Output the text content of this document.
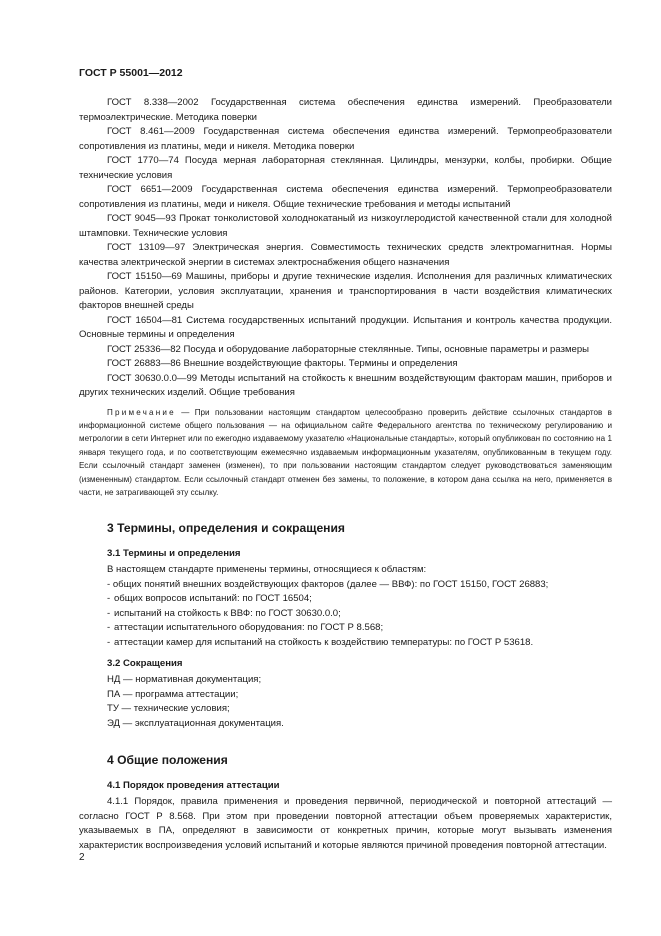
ГОСТ Р 55001—2012

ГОСТ 8.338—2002 Государственная система обеспечения единства измерений. Преобразователи термоэлектрические. Методика поверки

ГОСТ 8.461—2009 Государственная система обеспечения единства измерений. Термопреобразователи сопротивления из платины, меди и никеля. Методика поверки

ГОСТ 1770—74 Посуда мерная лабораторная стеклянная. Цилиндры, мензурки, колбы, пробирки. Общие технические условия

ГОСТ 6651—2009 Государственная система обеспечения единства измерений. Термопреобразователи сопротивления из платины, меди и никеля. Общие технические требования и методы испытаний

ГОСТ 9045—93 Прокат тонколистовой холоднокатаный из низкоуглеродистой качественной стали для холодной штамповки. Технические условия

ГОСТ 13109—97 Электрическая энергия. Совместимость технических средств электромагнитная. Нормы качества электрической энергии в системах электроснабжения общего назначения

ГОСТ 15150—69 Машины, приборы и другие технические изделия. Исполнения для различных климатических районов. Категории, условия эксплуатации, хранения и транспортирования в части воздействия климатических факторов внешней среды

ГОСТ 16504—81 Система государственных испытаний продукции. Испытания и контроль качества продукции. Основные термины и определения

ГОСТ 25336—82 Посуда и оборудование лабораторные стеклянные. Типы, основные параметры и размеры

ГОСТ 26883—86 Внешние воздействующие факторы. Термины и определения

ГОСТ 30630.0.0—99 Методы испытаний на стойкость к внешним воздействующим факторам машин, приборов и других технических изделий. Общие требования

Примечание — При пользовании настоящим стандартом целесообразно проверить действие ссылочных стандартов в информационной системе общего пользования — на официальном сайте Федерального агентства по техническому регулированию и метрологии в сети Интернет или по ежегодно издаваемому указателю «Национальные стандарты», который опубликован по состоянию на 1 января текущего года, и по соответствующим ежемесячно издаваемым информационным указателям, опубликованным в текущем году. Если ссылочный стандарт заменен (изменен), то при пользовании настоящим стандартом следует руководствоваться заменяющим (измененным) стандартом. Если ссылочный стандарт отменен без замены, то положение, в котором дана ссылка на него, применяется в части, не затрагивающей эту ссылку.

3 Термины, определения и сокращения
3.1 Термины и определения

В настоящем стандарте применены термины, относящиеся к областям:

- общих понятий внешних воздействующих факторов (далее — ВВФ): по ГОСТ 15150, ГОСТ 26883;

- общих вопросов испытаний: по ГОСТ 16504;
- испытаний на стойкость к ВВФ: по ГОСТ 30630.0.0;
- аттестации испытательного оборудования: по ГОСТ Р 8.568;
- аттестации камер для испытаний на стойкость к воздействию температуры: по ГОСТ Р 53618.
3.2 Сокращения
НД — нормативная документация;
ПА — программа аттестации;
ТУ — технические условия;
ЭД — эксплуатационная документация.
4 Общие положения
4.1 Порядок проведения аттестации

4.1.1 Порядок, правила применения и проведения первичной, периодической и повторной аттестаций — согласно ГОСТ Р 8.568. При этом при проведении повторной аттестации объем проверяемых характеристик, указываемых в ПА, определяют в зависимости от конкретных причин, которые могут вызывать изменения характеристик воспроизведения условий испытаний и которые являются причиной проведения повторной аттестации.

2
